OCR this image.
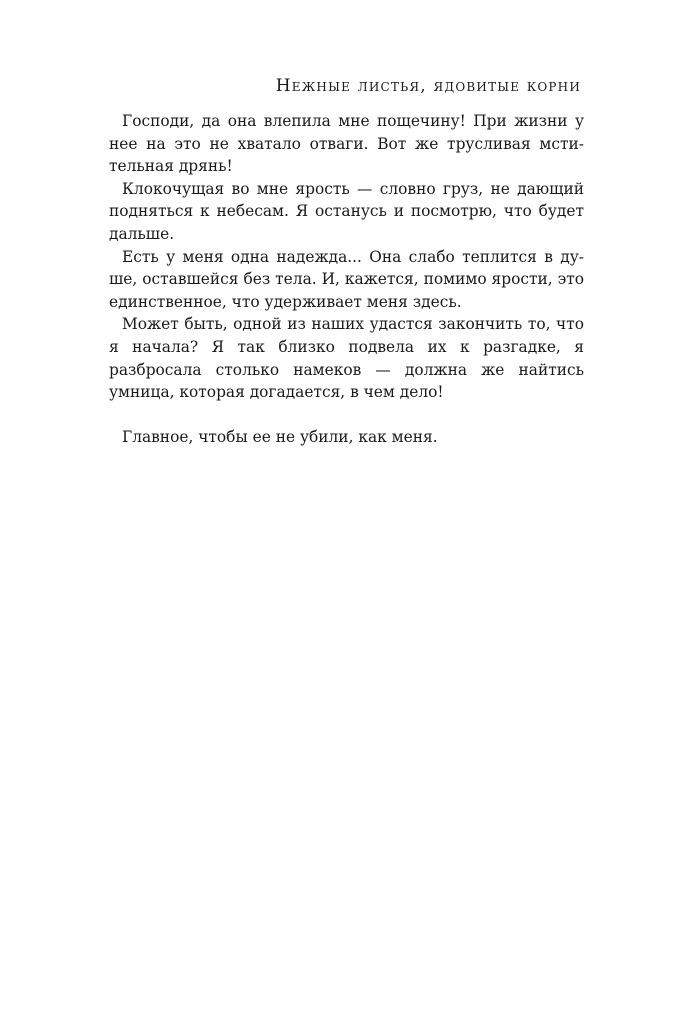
Нежные листья, ядовитые корни

Господи, да она влепила мне пощечину! При жизни у нее на это не хватало отваги. Вот же трусливая мстительная дрянь!

Клокочущая во мне ярость — словно груз, не дающий подняться к небесам. Я останусь и посмотрю, что будет дальше.

Есть у меня одна надежда... Она слабо теплится в душе, оставшейся без тела. И, кажется, помимо ярости, это единственное, что удерживает меня здесь.

Может быть, одной из наших удастся закончить то, что я начала? Я так близко подвела их к разгадке, я разбросала столько намеков — должна же найтись умница, которая догадается, в чем дело!

Главное, чтобы ее не убили, как меня.
